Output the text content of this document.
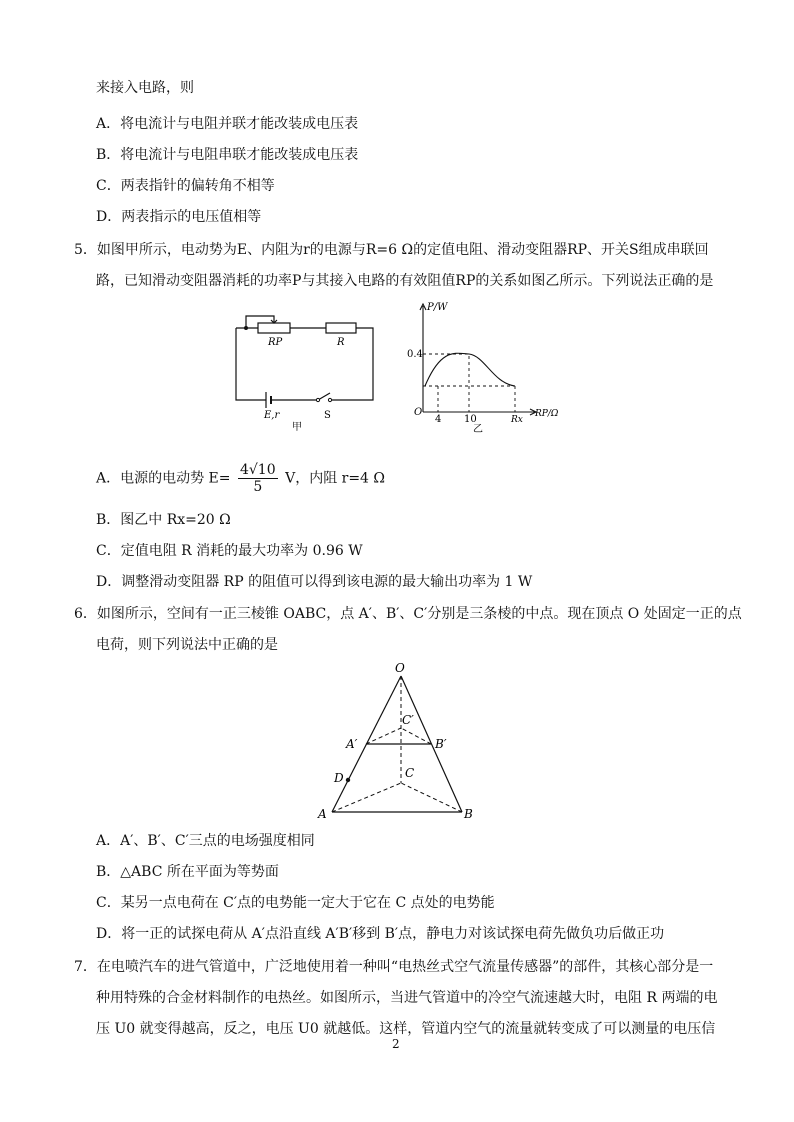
来接入电路，则
A．将电流计与电阻并联才能改装成电压表
B．将电流计与电阻串联才能改装成电压表
C．两表指针的偏转角不相等
D．两表指示的电压值相等
5．如图甲所示，电动势为E、内阻为r的电源与R=6 Ω的定值电阻、滑动变阻器RP、开关S组成串联回
路，已知滑动变阻器消耗的功率P与其接入电路的有效阻值RP的关系如图乙所示。下列说法正确的是
RP	R
E,r	S
甲
P/W
RP/Ω
O
0.4
4 10	Rx
乙
A．电源的电动势 $E= \frac{4√10}{5}$ V，内阻 r=4 Ω
B．图乙中 Rx=20 Ω
C．定值电阻 R 消耗的最大功率为 0.96 W
D．调整滑动变阻器 RP 的阻值可以得到该电源的最大输出功率为 1 W
6．如图所示，空间有一正三棱锥 OABC，点 A′、B′、C′分别是三条棱的中点。现在顶点 O 处固定一正的点
电荷，则下列说法中正确的是
O
A′	B′
C′
C
D
A	B
A．A′、B′、C′三点的电场强度相同
B．△ABC 所在平面为等势面
C．某另一点电荷在 C′点的电势能一定大于它在 C 点处的电势能
D．将一正的试探电荷从 A′点沿直线 A′B′移到 B′点，静电力对该试探电荷先做负功后做正功
7．在电喷汽车的进气管道中，广泛地使用着一种叫“电热丝式空气流量传感器”的部件，其核心部分是一
种用特殊的合金材料制作的电热丝。如图所示，当进气管道中的冷空气流速越大时，电阻 R 两端的电
压 U0 就变得越高，反之，电压 U0 就越低。这样，管道内空气的流量就转变成了可以测量的电压信
2
